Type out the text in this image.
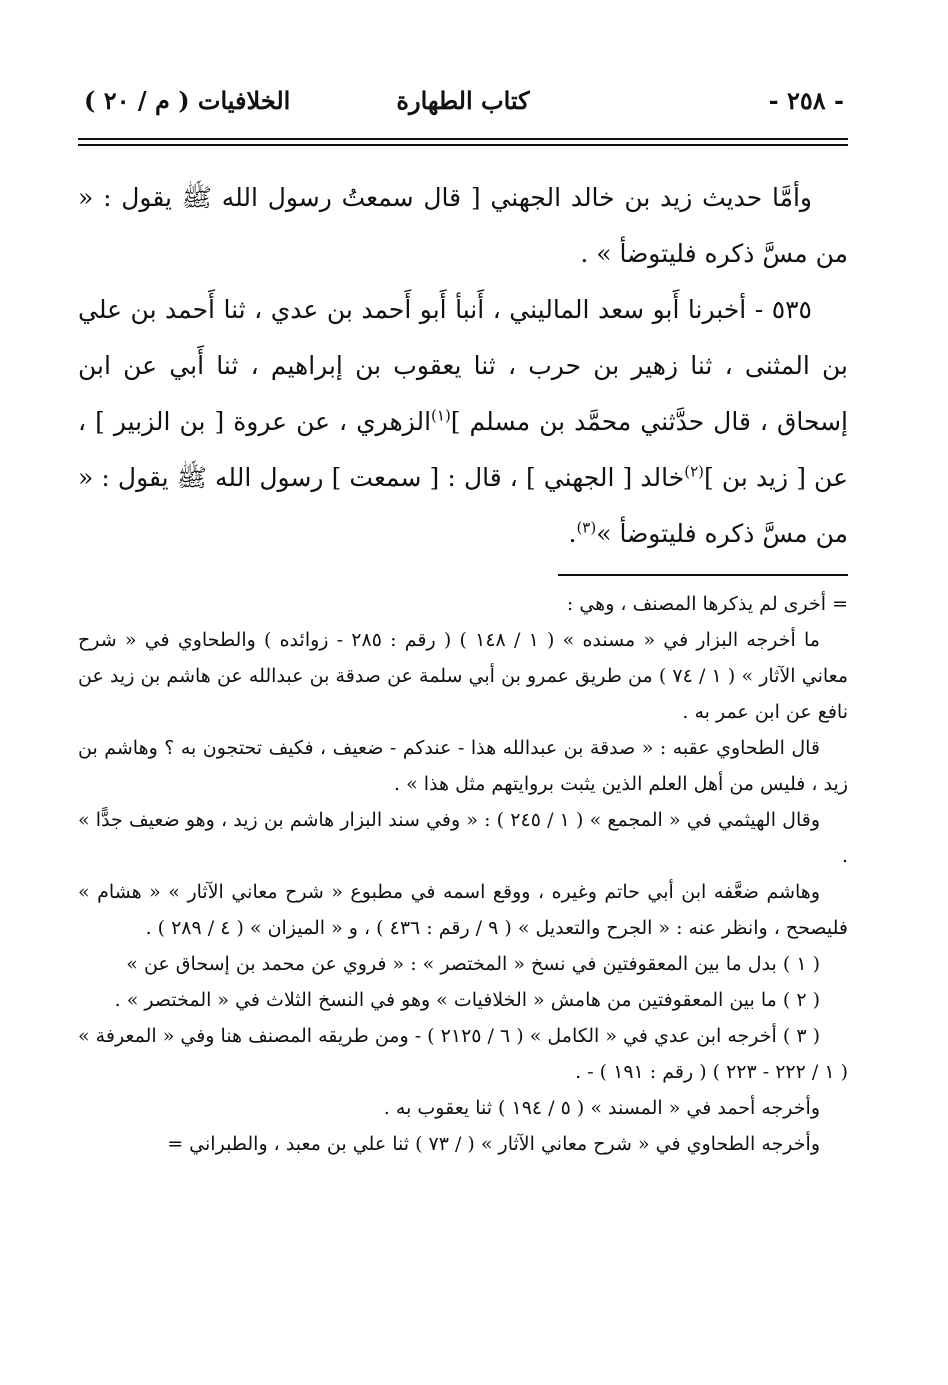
- ٢٥٨ -
كتاب الطهارة
الخلافيات ( م / ٢٠ )

وأمَّا حديث زيد بن خالد الجهني [ قال سمعتُ رسول الله ﷺ يقول : « من مسَّ ذكره فليتوضأ » .

٥٣٥ - أخبرنا أَبو سعد الماليني ، أَنبأ أَبو أَحمد بن عدي ، ثنا أَحمد بن علي بن المثنى ، ثنا زهير بن حرب ، ثنا يعقوب بن إبراهيم ، ثنا أَبي عن ابن إسحاق ، قال حدَّثني محمَّد بن مسلم ]$^{(١)}$الزهري ، عن عروة [ بن الزبير ] ، عن [ زيد بن ]$^{(٢)}$خالد [ الجهني ] ، قال : [ سمعت ] رسول الله ﷺ يقول : « من مسَّ ذكره فليتوضأ »$^{(٣)}$.

= أخرى لم يذكرها المصنف ، وهي :

ما أخرجه البزار في « مسنده » ( ١ / ١٤٨ ) ( رقم : ٢٨٥ - زوائده ) والطحاوي في « شرح معاني الآثار » ( ١ / ٧٤ ) من طريق عمرو بن أبي سلمة عن صدقة بن عبدالله عن هاشم بن زيد عن نافع عن ابن عمر به .

قال الطحاوي عقبه : « صدقة بن عبدالله هذا - عندكم - ضعيف ، فكيف تحتجون به ؟ وهاشم بن زيد ، فليس من أهل العلم الذين يثبت بروايتهم مثل هذا » .

وقال الهيثمي في « المجمع » ( ١ / ٢٤٥ ) : « وفي سند البزار هاشم بن زيد ، وهو ضعيف جدًّا » .

وهاشم ضعَّفه ابن أبي حاتم وغيره ، ووقع اسمه في مطبوع « شرح معاني الآثار » « هشام » فليصحح ، وانظر عنه : « الجرح والتعديل » ( ٩ / رقم : ٤٣٦ ) ، و « الميزان » ( ٤ / ٢٨٩ ) .

( ١ ) بدل ما بين المعقوفتين في نسخ « المختصر » : « فروي عن محمد بن إسحاق عن »

( ٢ ) ما بين المعقوفتين من هامش « الخلافيات » وهو في النسخ الثلاث في « المختصر » .

( ٣ ) أخرجه ابن عدي في « الكامل » ( ٦ / ٢١٢٥ ) - ومن طريقه المصنف هنا وفي « المعرفة » ( ١ / ٢٢٢ - ٢٢٣ ) ( رقم : ١٩١ ) - .

وأخرجه أحمد في « المسند » ( ٥ / ١٩٤ ) ثنا يعقوب به .

وأخرجه الطحاوي في « شرح معاني الآثار » ( / ٧٣ ) ثنا علي بن معبد ، والطبراني =
